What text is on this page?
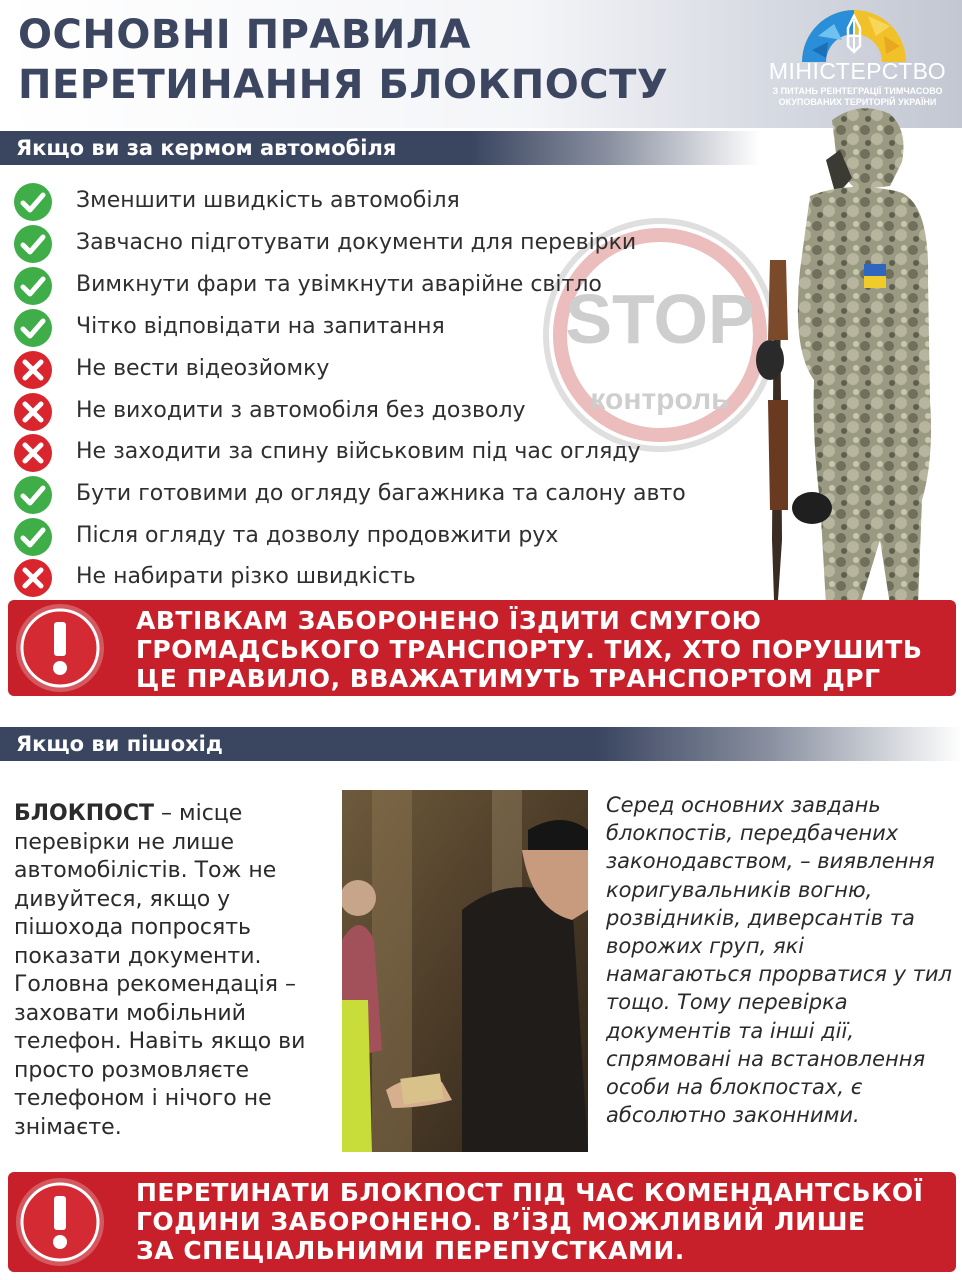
ОСНОВНІ ПРАВИЛА
ПЕРЕТИНАННЯ БЛОКПОСТУ	МІНІСТЕРСТВО
З ПИТАНЬ РЕІНТЕГРАЦІЇ ТИМЧАСОВО
ОКУПОВАНИХ ТЕРИТОРІЙ УКРАЇНИ
Якщо ви за кермом автомобіля
STOP
контроль
Зменшити швидкість автомобіля
Завчасно підготувати документи для перевірки
Вимкнути фари та увімкнути аварійне світло
Чітко відповідати на запитання
Не вести відеозйомку
Не виходити з автомобіля без дозволу
Не заходити за спину військовим під час огляду
Бути готовими до огляду багажника та салону авто
Після огляду та дозволу продовжити рух
Не набирати різко швидкість
АВТІВКАМ ЗАБОРОНЕНО ЇЗДИТИ СМУГОЮ
ГРОМАДСЬКОГО ТРАНСПОРТУ. ТИХ, ХТО ПОРУШИТЬ
ЦЕ ПРАВИЛО, ВВАЖАТИМУТЬ ТРАНСПОРТОМ ДРГ
Якщо ви пішохід

БЛОКПОСТ – місце перевірки не лише автомобілістів. Тож не дивуйтеся, якщо у пішохода попросять показати документи. Головна рекомендація – заховати мобільний телефон. Навіть якщо ви просто розмовляєте телефоном і нічого не знімаєте.

Серед основних завдань блокпостів, передбачених законодавством, – виявлення коригувальників вогню, розвідників, диверсантів та ворожих груп, які намагаються прорватися у тил тощо. Тому перевірка документів та інші дії, спрямовані на встановлення особи на блокпостах, є абсолютно законними.

ПЕРЕТИНАТИ БЛОКПОСТ ПІД ЧАС КОМЕНДАНТСЬКОЇ
ГОДИНИ ЗАБОРОНЕНО. В’ЇЗД МОЖЛИВИЙ ЛИШЕ
ЗА СПЕЦІАЛЬНИМИ ПЕРЕПУСТКАМИ.
